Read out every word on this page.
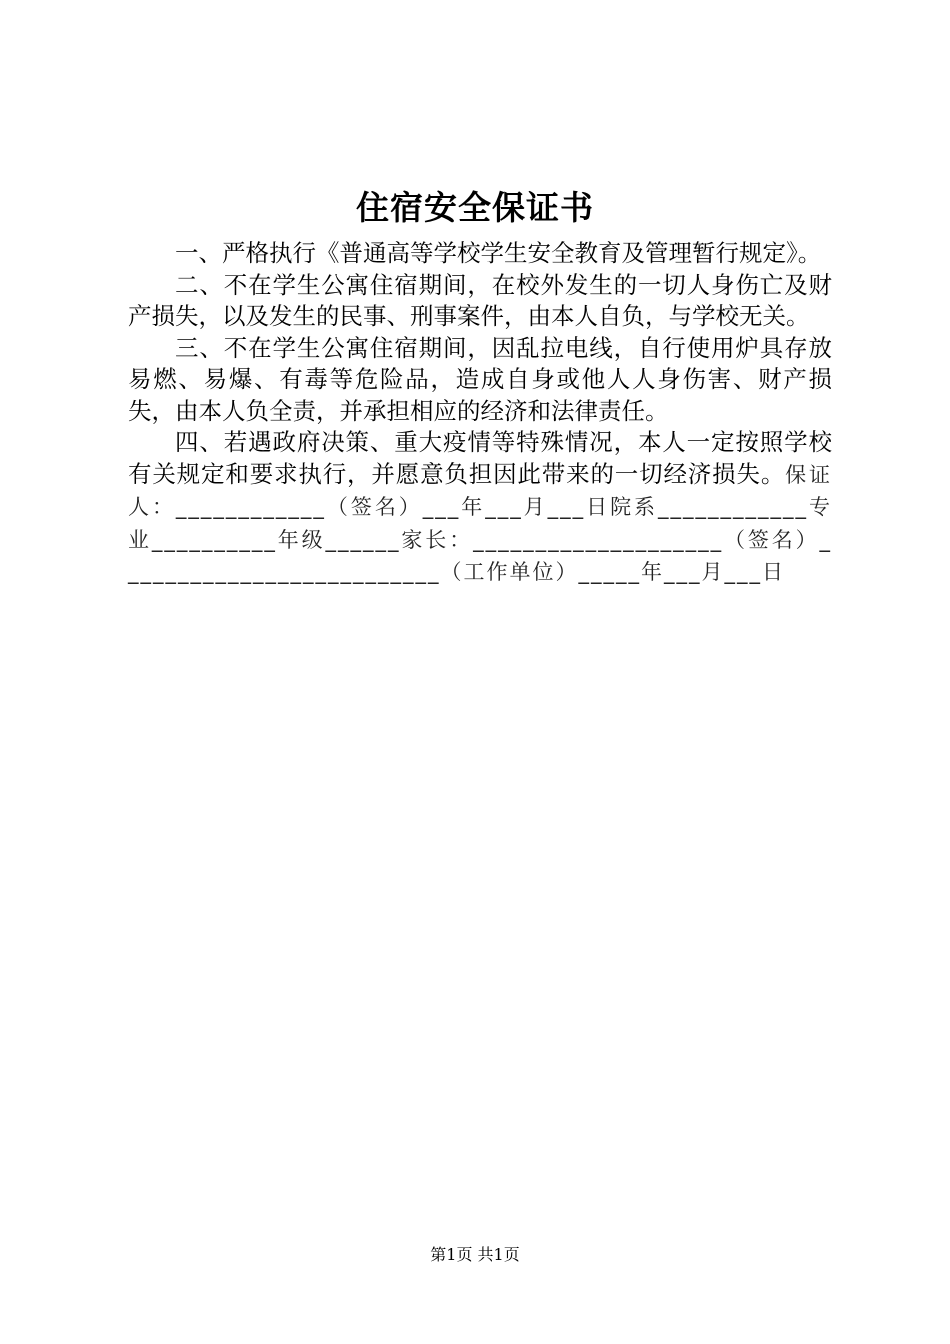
住宿安全保证书

一、严格执行《普通高等学校学生安全教育及管理暂行规定》。

二、不在学生公寓住宿期间，在校外发生的一切人身伤亡及财产损失，以及发生的民事、刑事案件，由本人自负，与学校无关。

三、不在学生公寓住宿期间，因乱拉电线，自行使用炉具存放易燃、易爆、有毒等危险品，造成自身或他人人身伤害、财产损失，由本人负全责，并承担相应的经济和法律责任。

四、若遇政府决策、重大疫情等特殊情况，本人一定按照学校有关规定和要求执行，并愿意负担因此带来的一切经济损失。保证人：____________（签名）___年___月___日院系____________专业__________年级______家长：____________________（签名）__________________________（工作单位）_____年___月___日

第1页 共1页
